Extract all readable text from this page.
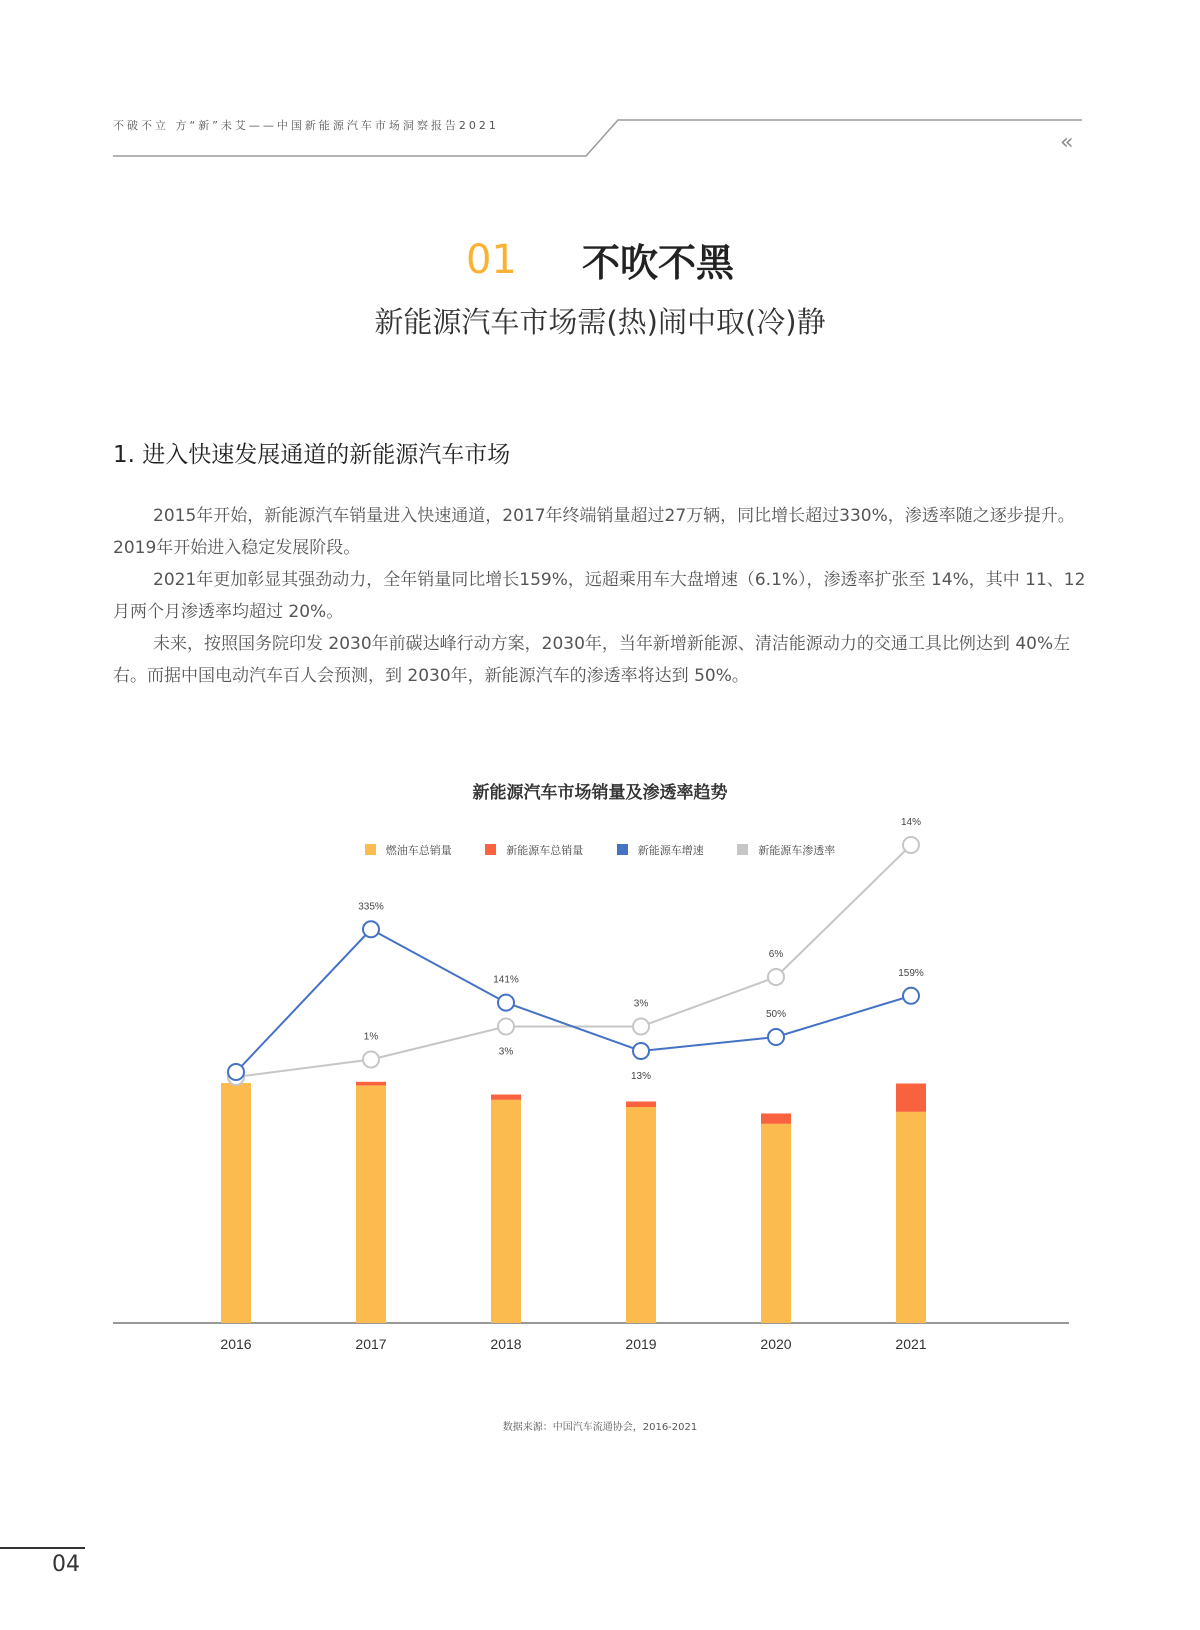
不破不立 方“新”未艾——中国新能源汽车市场洞察报告2021
‹‹
01 不吹不黑
新能源汽车市场需(热)闹中取(冷)静
1. 进入快速发展通道的新能源汽车市场

2015年开始，新能源汽车销量进入快速通道，2017年终端销量超过27万辆，同比增长超过330%，渗透率随之逐步提升。2019年开始进入稳定发展阶段。

2021年更加彰显其强劲动力，全年销量同比增长159%，远超乘用车大盘增速（6.1%），渗透率扩张至 14%，其中 11、12月两个月渗透率均超过 20%。

未来，按照国务院印发 2030年前碳达峰行动方案，2030年，当年新增新能源、清洁能源动力的交通工具比例达到 40%左右。而据中国电动汽车百人会预测，到 2030年，新能源汽车的渗透率将达到 50%。

新能源汽车市场销量及渗透率趋势
燃油车总销量	新能源车总销量	新能源车增速	新能源车渗透率
2016	2017	2018	2019	2020	2021
1%
3%
3%
6%
14%
335%
141%
13%
50%
159%
数据来源：中国汽车流通协会，2016-2021
04
